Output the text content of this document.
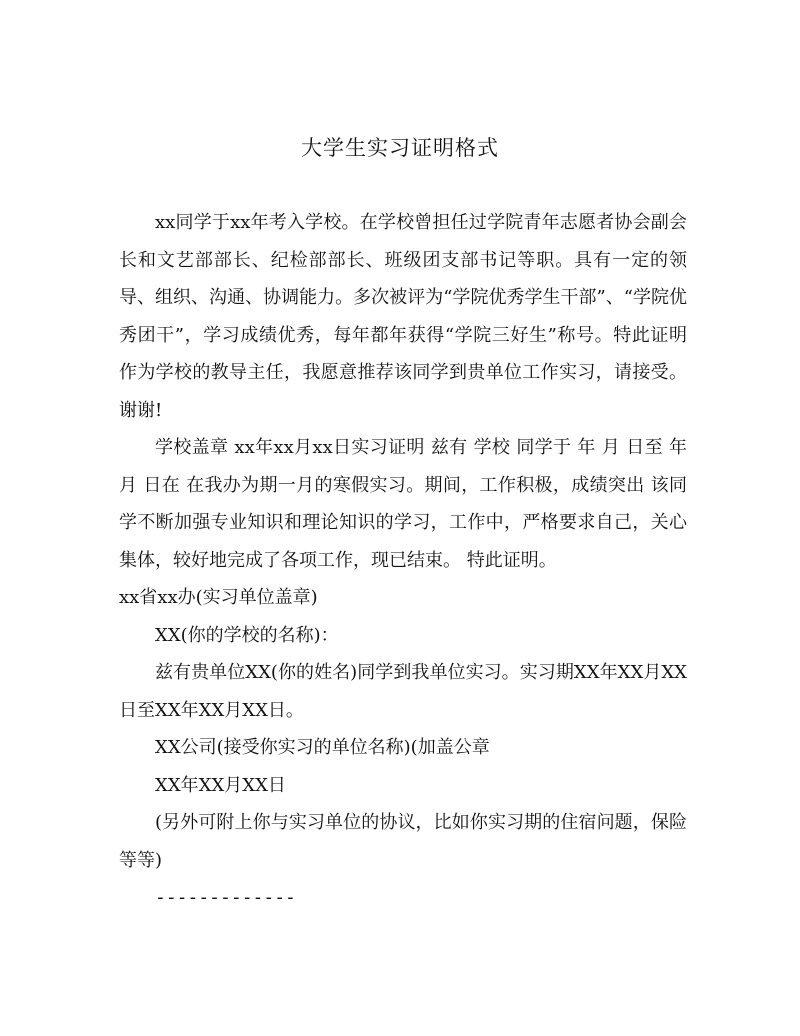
大学生实习证明格式

xx同学于xx年考入学校。在学校曾担任过学院青年志愿者协会副会长和文艺部部长、纪检部部长、班级团支部书记等职。具有一定的领导、组织、沟通、协调能力。多次被评为“学院优秀学生干部”、“学院优秀团干”，学习成绩优秀，每年都年获得“学院三好生”称号。特此证明 作为学校的教导主任，我愿意推荐该同学到贵单位工作实习，请接受。 谢谢!

学校盖章 xx年xx月xx日实习证明 兹有 学校 同学于 年 月 日至 年 月 日在 在我办为期一月的寒假实习。期间，工作积极，成绩突出 该同学不断加强专业知识和理论知识的学习，工作中，严格要求自己，关心集体，较好地完成了各项工作，现已结束。 特此证明。

xx省xx办(实习单位盖章)

XX(你的学校的名称)：

兹有贵单位XX(你的姓名)同学到我单位实习。实习期XX年XX月XX日至XX年XX月XX日。

XX公司(接受你实习的单位名称)(加盖公章

XX年XX月XX日

(另外可附上你与实习单位的协议，比如你实习期的住宿问题，保险等等)

-------------
